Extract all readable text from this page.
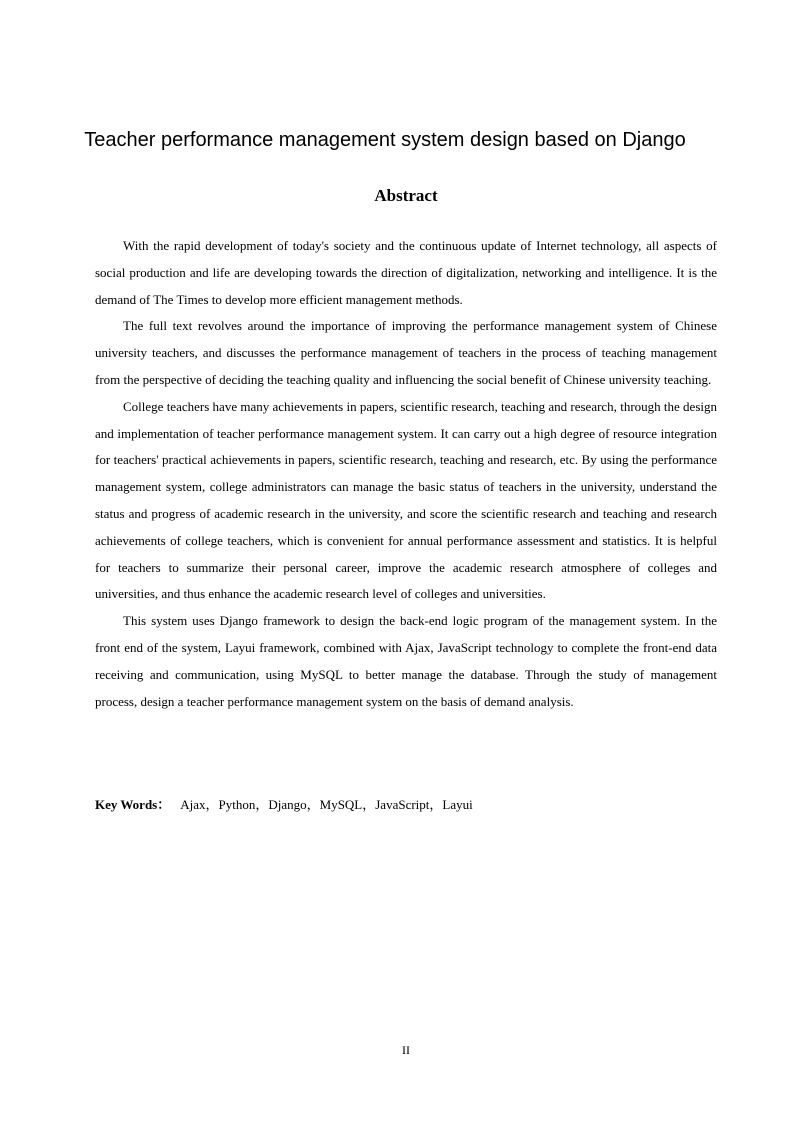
Teacher performance management system design based on Django
Abstract

With the rapid development of today's society and the continuous update of Internet technology, all aspects of social production and life are developing towards the direction of digitalization, networking and intelligence. It is the demand of The Times to develop more efficient management methods.

The full text revolves around the importance of improving the performance management system of Chinese university teachers, and discusses the performance management of teachers in the process of teaching management from the perspective of deciding the teaching quality and influencing the social benefit of Chinese university teaching.

College teachers have many achievements in papers, scientific research, teaching and research, through the design and implementation of teacher performance management system. It can carry out a high degree of resource integration for teachers' practical achievements in papers, scientific research, teaching and research, etc. By using the performance management system, college administrators can manage the basic status of teachers in the university, understand the status and progress of academic research in the university, and score the scientific research and teaching and research achievements of college teachers, which is convenient for annual performance assessment and statistics. It is helpful for teachers to summarize their personal career, improve the academic research atmosphere of colleges and universities, and thus enhance the academic research level of colleges and universities.

This system uses Django framework to design the back-end logic program of the management system. In the front end of the system, Layui framework, combined with Ajax, JavaScript technology to complete the front-end data receiving and communication, using MySQL to better manage the database. Through the study of management process, design a teacher performance management system on the basis of demand analysis.

Key Words： Ajax，Python，Django，MySQL，JavaScript，Layui
II
